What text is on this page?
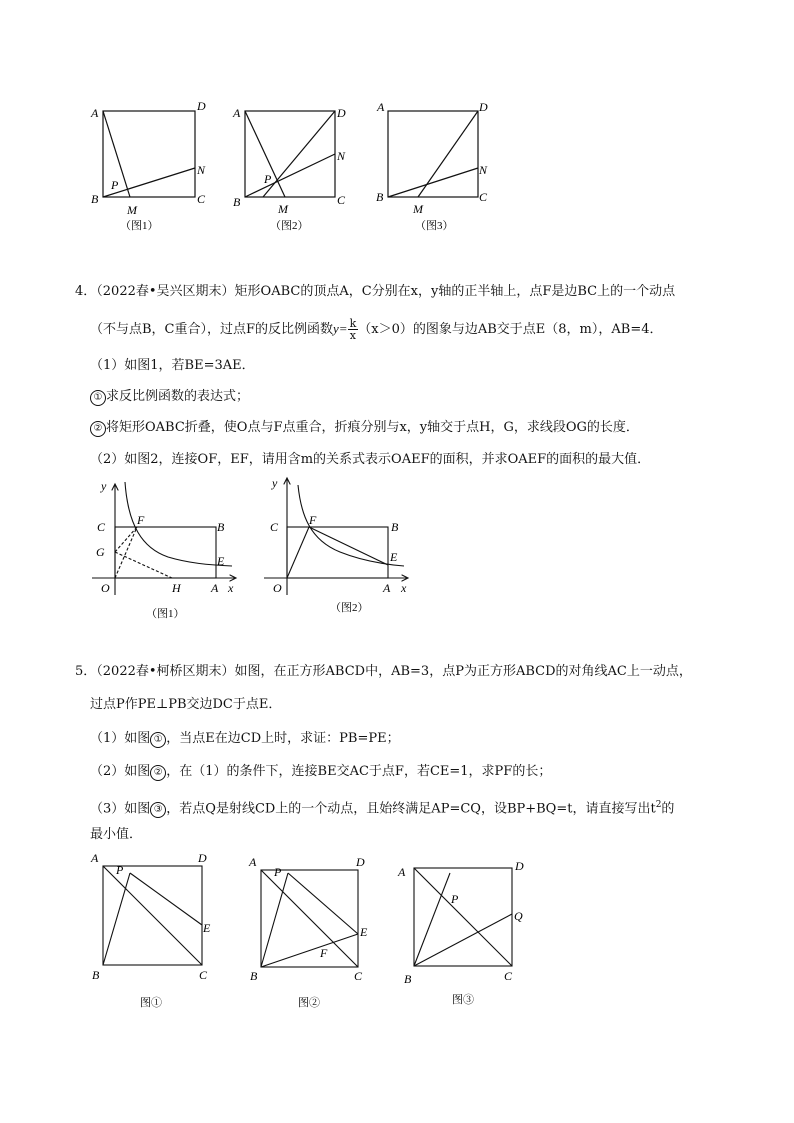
A	D
N
P
B	C
M
（图1）
A	D
N
P
B	C
M
（图2）
A	D
N
B	C
M
（图3）
4．（2022春•吴兴区期末）矩形OABC的顶点A，C分别在x，y轴的正半轴上，点F是边BC上的一个动点
（不与点B，C重合），过点F的反比例函数$y= \frac{k}{x} (x>0)$的图象与边AB交于点E（8，m），AB=4．
（1）如图1，若BE=3AE．
① 求反比例函数的表达式；
② 将矩形OABC折叠，使O点与F点重合，折痕分别与x，y轴交于点H，G，求线段OG的长度．
（2）如图2，连接OF，EF，请用含m的关系式表示OAEF的面积，并求OAEF的面积的最大值．
y
C	F	B
G
E
O	H	A x
（图1）
y
C	F	B
E
O	A x
（图2）
5．（2022春•柯桥区期末）如图，在正方形ABCD中，AB=3，点P为正方形ABCD的对角线AC上一动点，
过点P作PE⊥PB交边DC于点E．
（1）如图 ① ，当点E在边CD上时，求证：PB=PE；
（2）如图 ② ，在（1）的条件下，连接BE交AC于点F，若CE=1，求PF的长；
（3）如图 ③ ，若点Q是射线CD上的一个动点，且始终满足AP=CQ，设BP+BQ=t，请直接写出$t^2$的
最小值．
A	D
P
E
B	C
图①
A	D
P
E
F
B	C
图②
A	D
P
Q
B	C
图③
